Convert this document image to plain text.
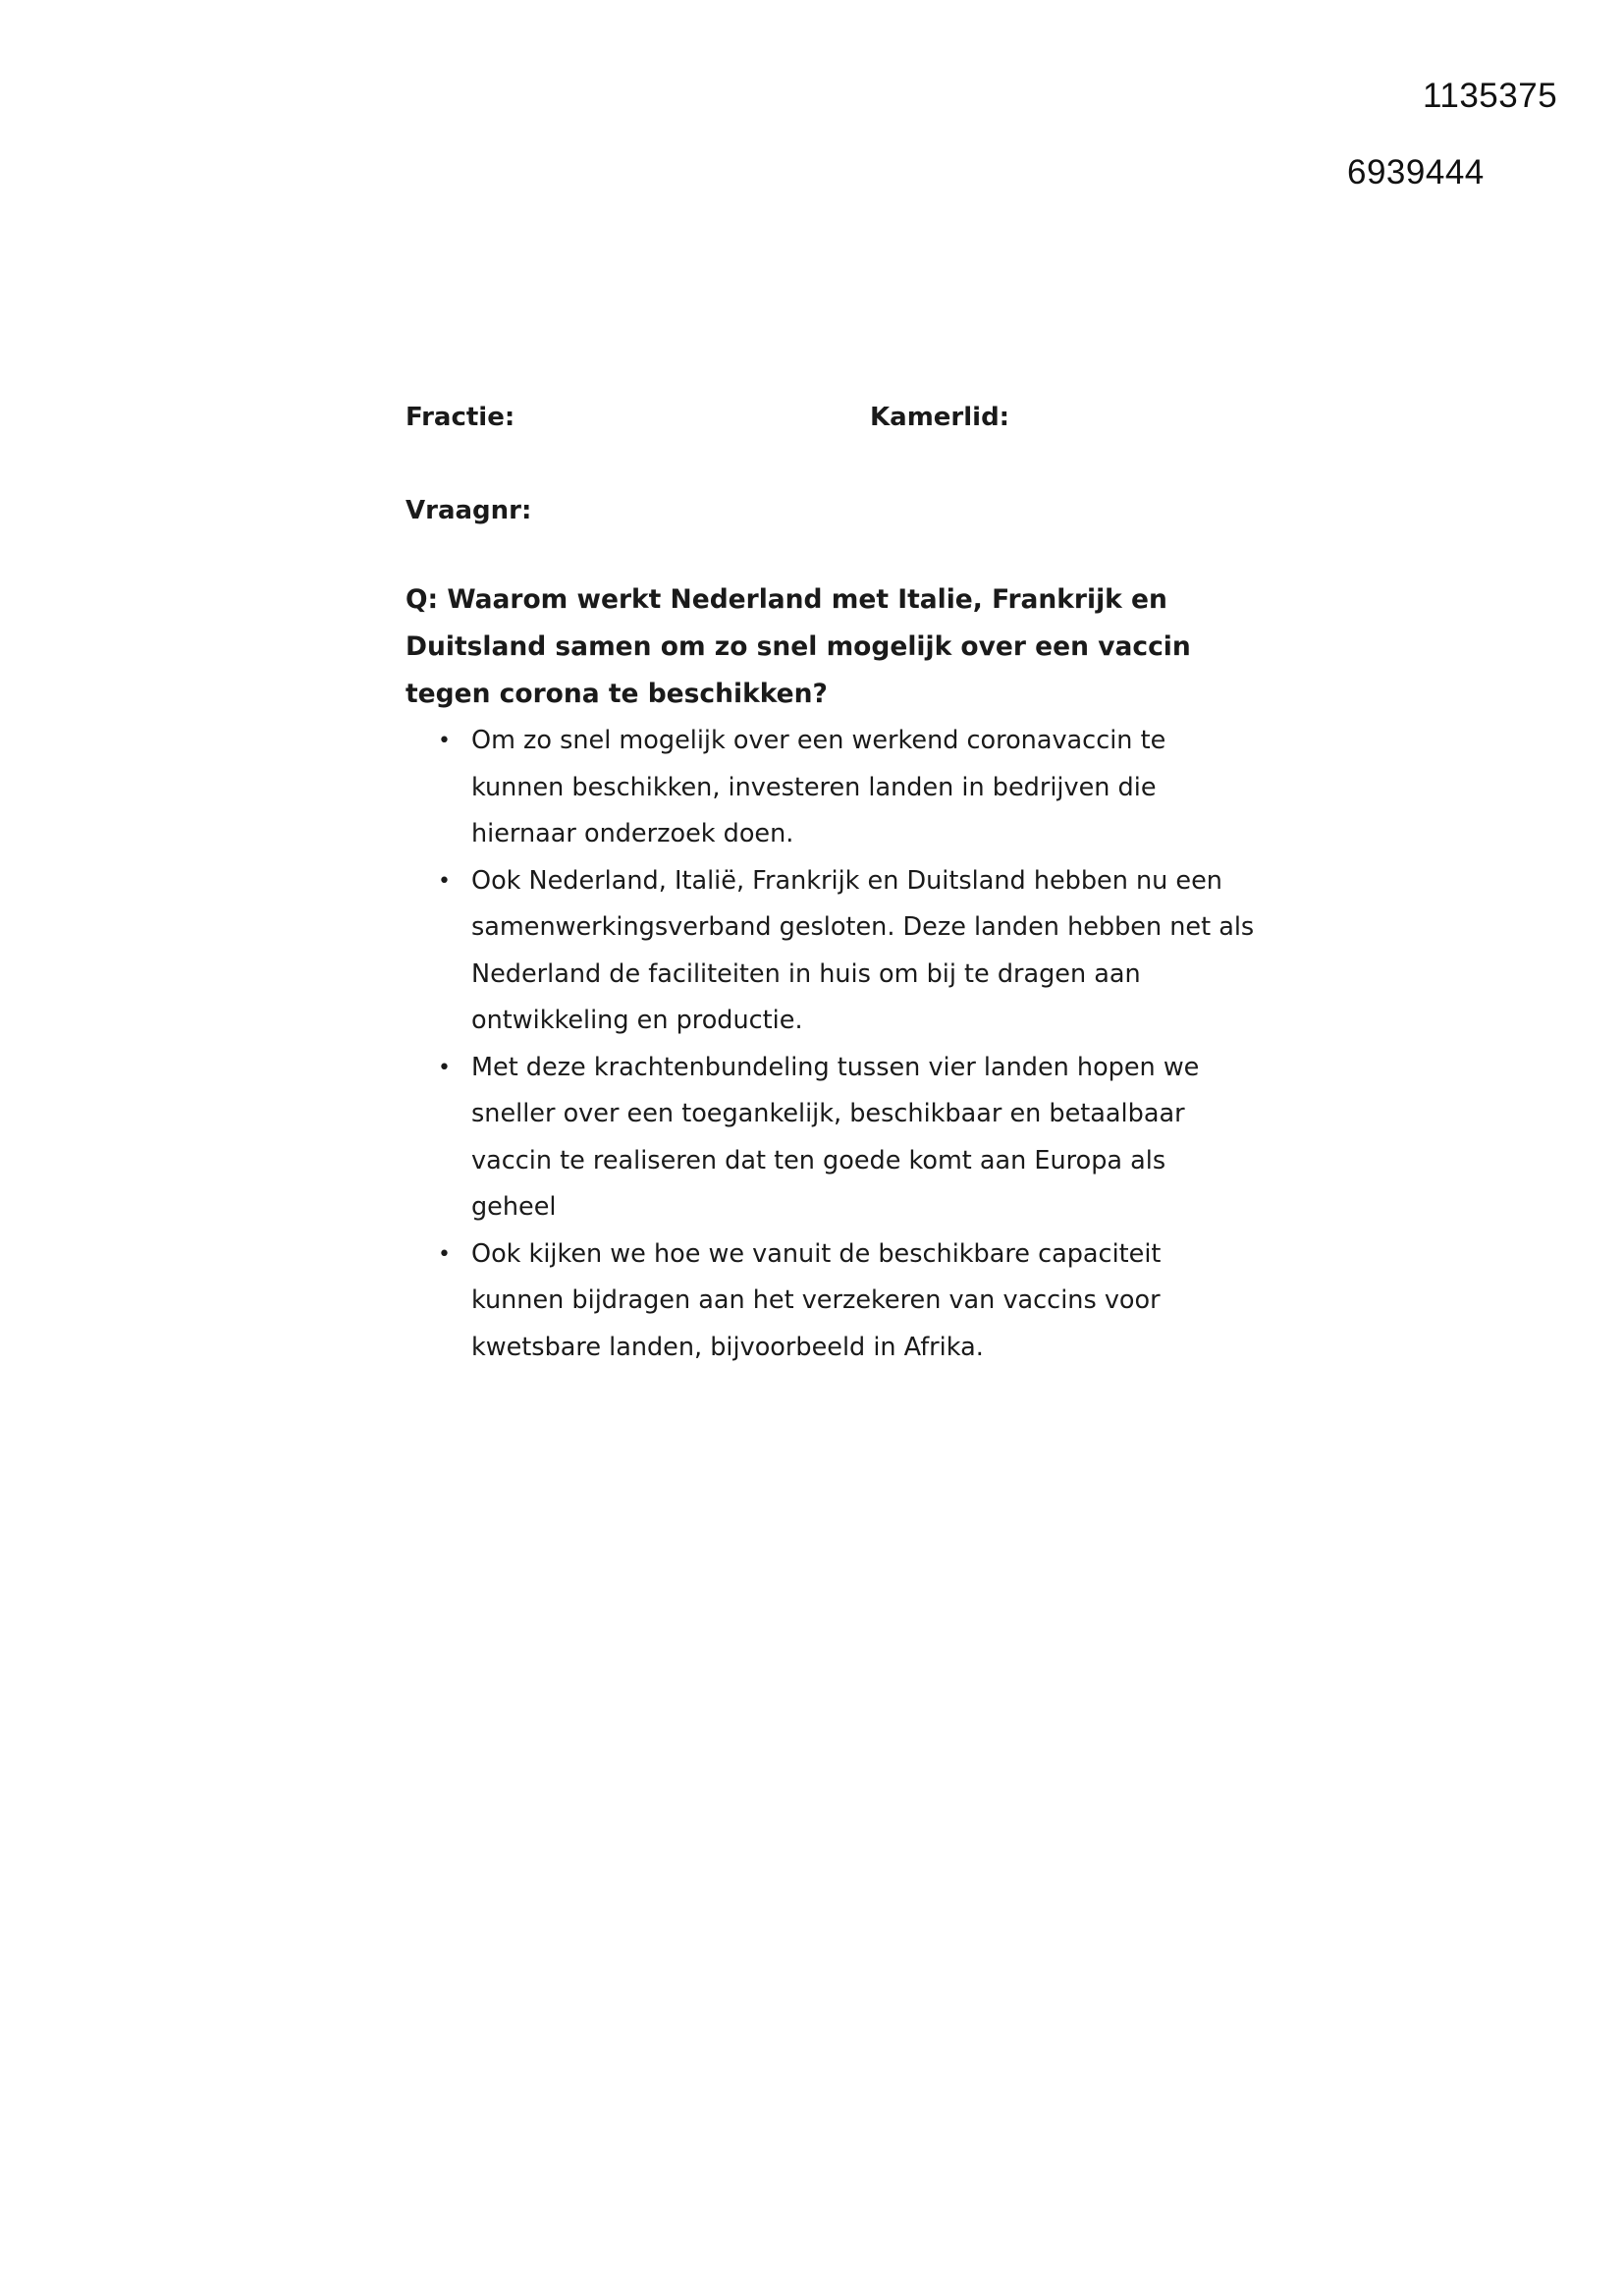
1135375
6939444
Fractie:	Kamerlid:
Vraagnr:
Q: Waarom werkt Nederland met Italie, Frankrijk en Duitsland samen om zo snel mogelijk over een vaccin tegen corona te beschikken?
• Om zo snel mogelijk over een werkend coronavaccin te kunnen beschikken, investeren landen in bedrijven die hiernaar onderzoek doen.
• Ook Nederland, Italië, Frankrijk en Duitsland hebben nu een samenwerkingsverband gesloten. Deze landen hebben net als Nederland de faciliteiten in huis om bij te dragen aan ontwikkeling en productie.
• Met deze krachtenbundeling tussen vier landen hopen we sneller over een toegankelijk, beschikbaar en betaalbaar vaccin te realiseren dat ten goede komt aan Europa als geheel
• Ook kijken we hoe we vanuit de beschikbare capaciteit kunnen bijdragen aan het verzekeren van vaccins voor kwetsbare landen, bijvoorbeeld in Afrika.
